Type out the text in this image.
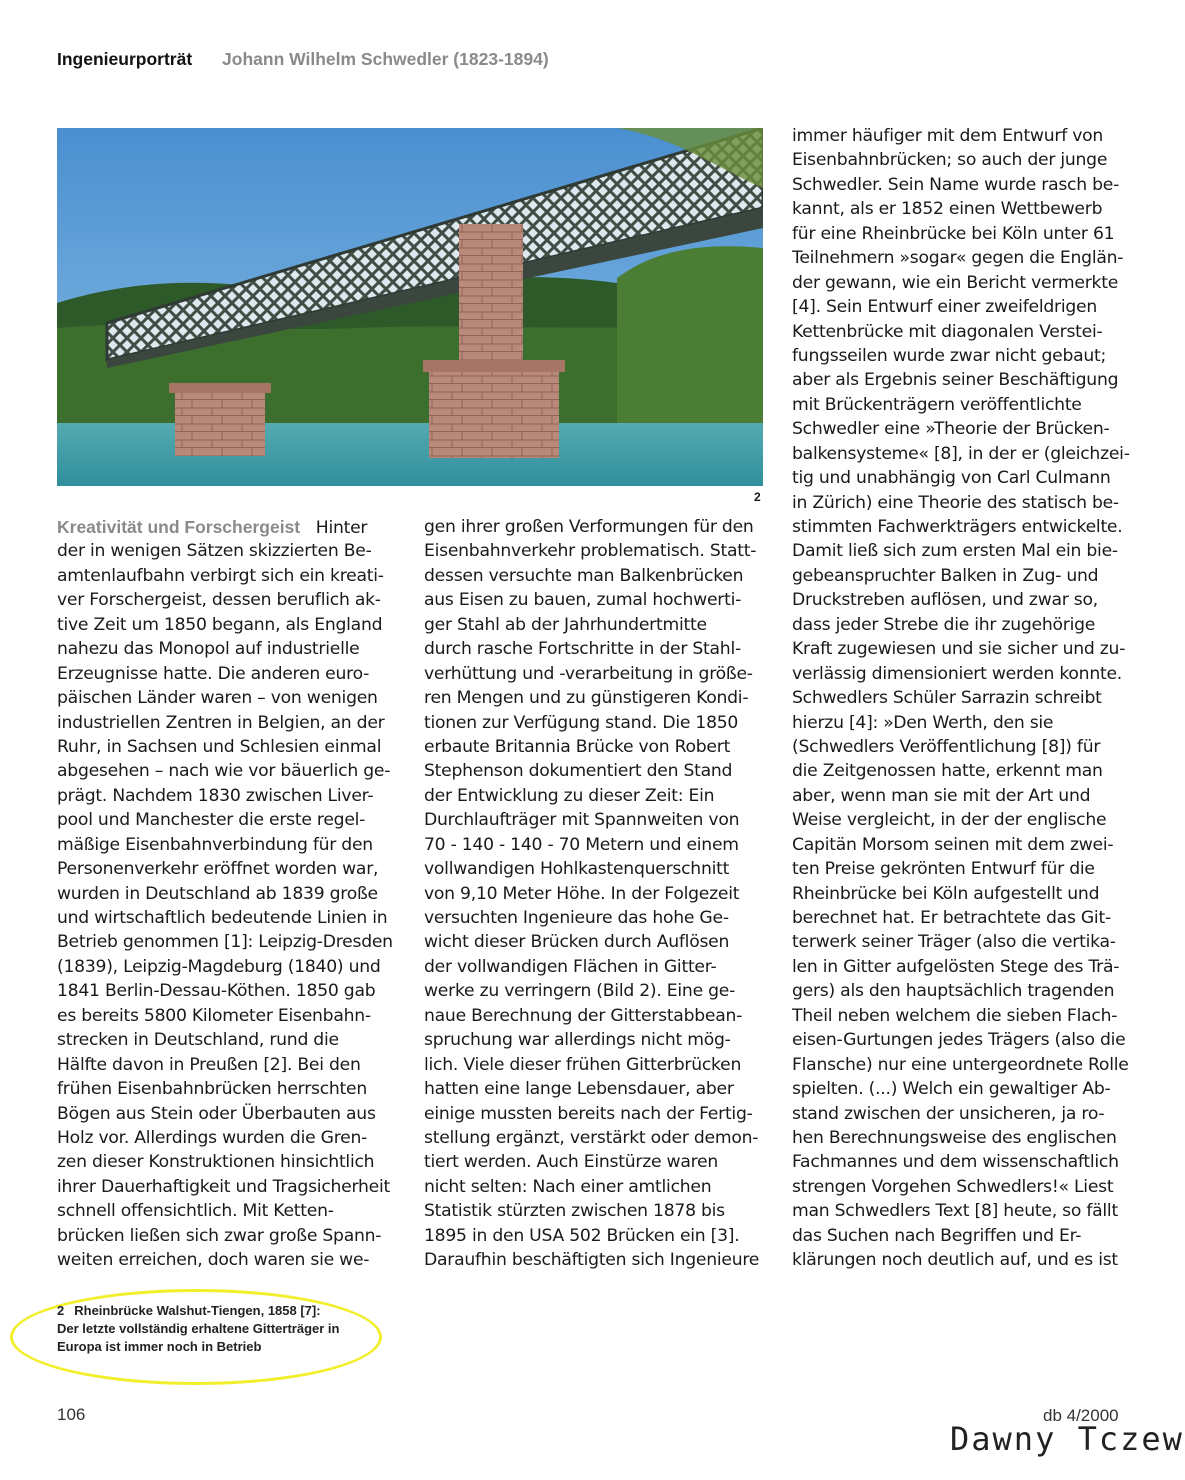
Ingenieurporträt Johann Wilhelm Schwedler (1823-1894)
2
Kreativität und Forschergeist Hinter
der in wenigen Sätzen skizzierten Be-
amtenlaufbahn verbirgt sich ein kreati-
ver Forschergeist, dessen beruflich ak-
tive Zeit um 1850 begann, als England
nahezu das Monopol auf industrielle
Erzeugnisse hatte. Die anderen euro-
päischen Länder waren – von wenigen
industriellen Zentren in Belgien, an der
Ruhr, in Sachsen und Schlesien einmal
abgesehen – nach wie vor bäuerlich ge-
prägt. Nachdem 1830 zwischen Liver-
pool und Manchester die erste regel-
mäßige Eisenbahnverbindung für den
Personenverkehr eröffnet worden war,
wurden in Deutschland ab 1839 große
und wirtschaftlich bedeutende Linien in
Betrieb genommen [1]: Leipzig-Dresden
(1839), Leipzig-Magdeburg (1840) und
1841 Berlin-Dessau-Köthen. 1850 gab
es bereits 5800 Kilometer Eisenbahn-
strecken in Deutschland, rund die
Hälfte davon in Preußen [2]. Bei den
frühen Eisenbahnbrücken herrschten
Bögen aus Stein oder Überbauten aus
Holz vor. Allerdings wurden die Gren-
zen dieser Konstruktionen hinsichtlich
ihrer Dauerhaftigkeit und Tragsicherheit
schnell offensichtlich. Mit Ketten-
brücken ließen sich zwar große Spann-
weiten erreichen, doch waren sie we-
gen ihrer großen Verformungen für den
Eisenbahnverkehr problematisch. Statt-
dessen versuchte man Balkenbrücken
aus Eisen zu bauen, zumal hochwerti-
ger Stahl ab der Jahrhundertmitte
durch rasche Fortschritte in der Stahl-
verhüttung und -verarbeitung in größe-
ren Mengen und zu günstigeren Kondi-
tionen zur Verfügung stand. Die 1850
erbaute Britannia Brücke von Robert
Stephenson dokumentiert den Stand
der Entwicklung zu dieser Zeit: Ein
Durchlaufträger mit Spannweiten von
70 - 140 - 140 - 70 Metern und einem
vollwandigen Hohlkastenquerschnitt
von 9,10 Meter Höhe. In der Folgezeit
versuchten Ingenieure das hohe Ge-
wicht dieser Brücken durch Auflösen
der vollwandigen Flächen in Gitter-
werke zu verringern (Bild 2). Eine ge-
naue Berechnung der Gitterstabbean-
spruchung war allerdings nicht mög-
lich. Viele dieser frühen Gitterbrücken
hatten eine lange Lebensdauer, aber
einige mussten bereits nach der Fertig-
stellung ergänzt, verstärkt oder demon-
tiert werden. Auch Einstürze waren
nicht selten: Nach einer amtlichen
Statistik stürzten zwischen 1878 bis
1895 in den USA 502 Brücken ein [3].
Daraufhin beschäftigten sich Ingenieure
immer häufiger mit dem Entwurf von
Eisenbahnbrücken; so auch der junge
Schwedler. Sein Name wurde rasch be-
kannt, als er 1852 einen Wettbewerb
für eine Rheinbrücke bei Köln unter 61
Teilnehmern »sogar« gegen die Englän-
der gewann, wie ein Bericht vermerkte
[4]. Sein Entwurf einer zweifeldrigen
Kettenbrücke mit diagonalen Verstei-
fungsseilen wurde zwar nicht gebaut;
aber als Ergebnis seiner Beschäftigung
mit Brückenträgern veröffentlichte
Schwedler eine »Theorie der Brücken-
balkensysteme« [8], in der er (gleichzei-
tig und unabhängig von Carl Culmann
in Zürich) eine Theorie des statisch be-
stimmten Fachwerkträgers entwickelte.
Damit ließ sich zum ersten Mal ein bie-
gebeanspruchter Balken in Zug- und
Druckstreben auflösen, und zwar so,
dass jeder Strebe die ihr zugehörige
Kraft zugewiesen und sie sicher und zu-
verlässig dimensioniert werden konnte.
Schwedlers Schüler Sarrazin schreibt
hierzu [4]: »Den Werth, den sie
(Schwedlers Veröffentlichung [8]) für
die Zeitgenossen hatte, erkennt man
aber, wenn man sie mit der Art und
Weise vergleicht, in der der englische
Capitän Morsom seinen mit dem zwei-
ten Preise gekrönten Entwurf für die
Rheinbrücke bei Köln aufgestellt und
berechnet hat. Er betrachtete das Git-
terwerk seiner Träger (also die vertika-
len in Gitter aufgelösten Stege des Trä-
gers) als den hauptsächlich tragenden
Theil neben welchem die sieben Flach-
eisen-Gurtungen jedes Trägers (also die
Flansche) nur eine untergeordnete Rolle
spielten. (...) Welch ein gewaltiger Ab-
stand zwischen der unsicheren, ja ro-
hen Berechnungsweise des englischen
Fachmannes und dem wissenschaftlich
strengen Vorgehen Schwedlers!« Liest
man Schwedlers Text [8] heute, so fällt
das Suchen nach Begriffen und Er-
klärungen noch deutlich auf, und es ist
2 Rheinbrücke Walshut-Tiengen, 1858 [7]:
Der letzte vollständig erhaltene Gitterträger in
Europa ist immer noch in Betrieb
106	db 4/2000
Dawny Tczew
